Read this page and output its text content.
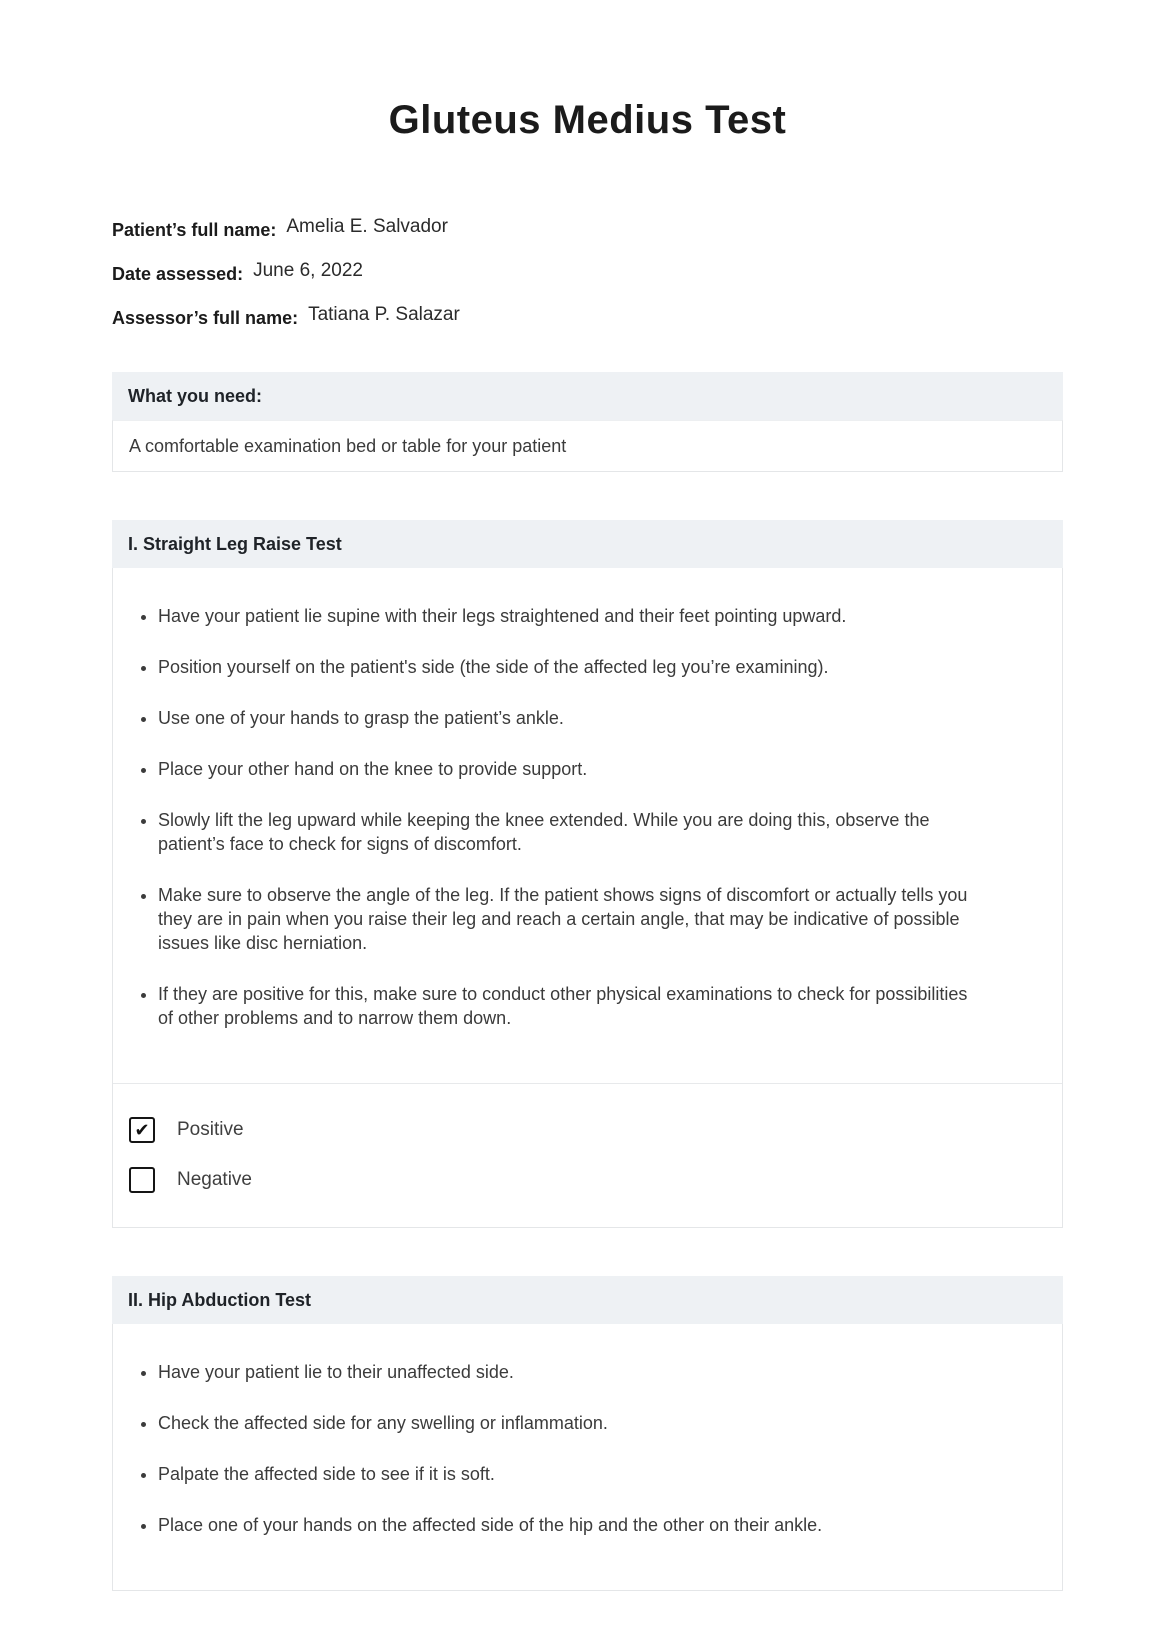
Gluteus Medius Test
Patient’s full name: Amelia E. Salvador
Date assessed: June 6, 2022
Assessor’s full name: Tatiana P. Salazar
What you need:
A comfortable examination bed or table for your patient
I. Straight Leg Raise Test
• Have your patient lie supine with their legs straightened and their feet pointing upward.
• Position yourself on the patient's side (the side of the affected leg you’re examining).
• Use one of your hands to grasp the patient’s ankle.
• Place your other hand on the knee to provide support.
• Slowly lift the leg upward while keeping the knee extended. While you are doing this, observe the patient’s face to check for signs of discomfort.
• Make sure to observe the angle of the leg. If the patient shows signs of discomfort or actually tells you they are in pain when you raise their leg and reach a certain angle, that may be indicative of possible issues like disc herniation.
• If they are positive for this, make sure to conduct other physical examinations to check for possibilities of other problems and to narrow them down.
✔ Positive
Negative
II. Hip Abduction Test
• Have your patient lie to their unaffected side.
• Check the affected side for any swelling or inflammation.
• Palpate the affected side to see if it is soft.
• Place one of your hands on the affected side of the hip and the other on their ankle.
